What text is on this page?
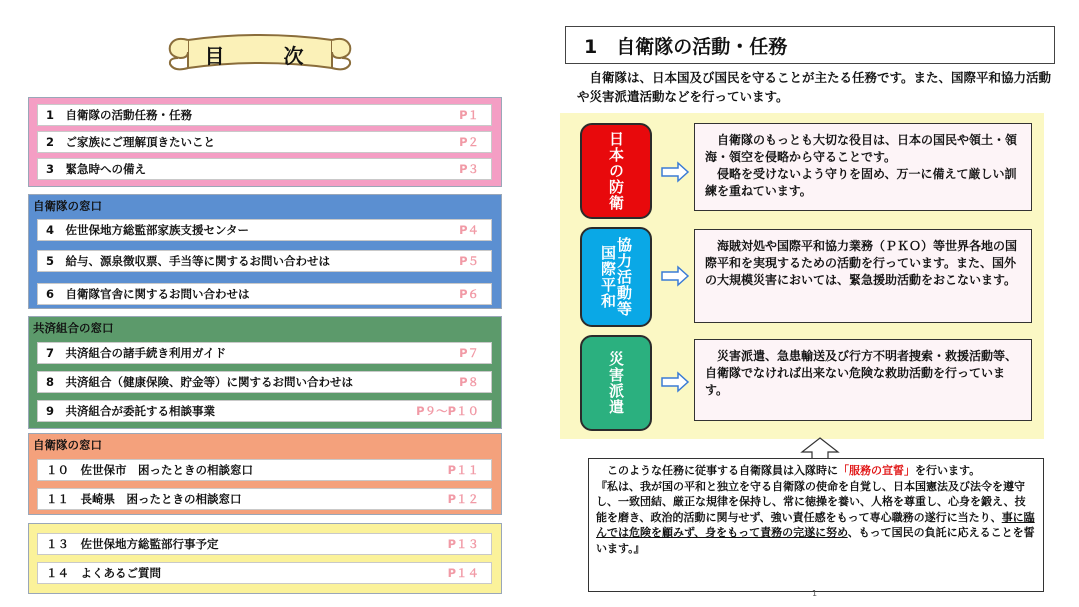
目 次
1　自衛隊の活動任務・任務	P１
2　ご家族にご理解頂きたいこと	P２
3　緊急時への備え	P３
自衛隊の窓口
4　佐世保地方総監部家族支援センター	P４
5　給与、源泉徴収票、手当等に関するお問い合わせは	P５
6　自衛隊官舎に関するお問い合わせは	P６
共済組合の窓口
7　共済組合の諸手続き利用ガイド	P７
8　共済組合（健康保険、貯金等）に関するお問い合わせは	P８
9　共済組合が委託する相談事業	P９～P１０
自衛隊の窓口
１０　佐世保市　困ったときの相談窓口	P１１
１１　長崎県　困ったときの相談窓口	P１２
１３　佐世保地方総監部行事予定	P１３
１４　よくあるご質問	P１４
1　自衛隊の活動・任務
　自衛隊は、日本国及び国民を守ることが主たる任務です。また、国際平和協力活動や災害派遣活動などを行っています。
日本の防衛	　自衛隊のもっとも大切な役目は、日本の国民や領土・領海・領空を侵略から守ることです。
　侵略を受けないよう守りを固め、万一に備えて厳しい訓練を重ねています。
国際平和
協力活動等	　海賊対処や国際平和協力業務（ＰＫＯ）等世界各地の国際平和を実現するための活動を行っています。また、国外の大規模災害においては、緊急援助活動をおこないます。
災害派遣	　災害派遣、急患輸送及び行方不明者捜索・救援活動等、自衛隊でなければ出来ない危険な救助活動を行っています。
　このような任務に従事する自衛隊員は入隊時に「服務の宣誓」を行います。
『私は、我が国の平和と独立を守る自衛隊の使命を自覚し、日本国憲法及び法令を遵守し、一致団結、厳正な規律を保持し、常に徳操を養い、人格を尊重し、心身を鍛え、技能を磨き、政治的活動に関与せず、強い責任感をもって専心職務の遂行に当たり、事に臨んでは危険を顧みず、身をもって責務の完遂に努め、もって国民の負託に応えることを誓います。』
1
